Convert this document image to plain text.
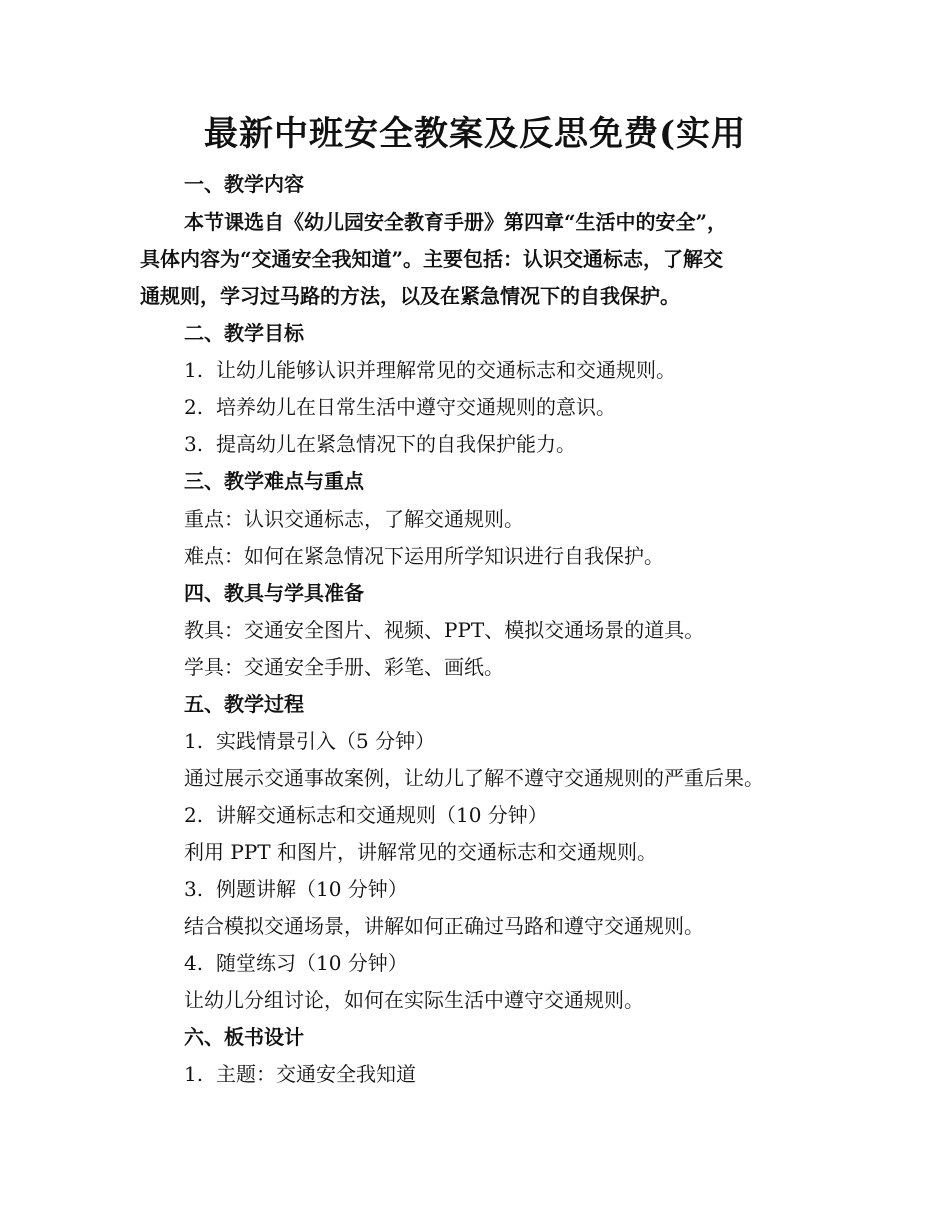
最新中班安全教案及反思免费(实用
一、教学内容
本节课选自《幼儿园安全教育手册》第四章“生活中的安全”，
具体内容为“交通安全我知道”。主要包括：认识交通标志，了解交
通规则，学习过马路的方法，以及在紧急情况下的自我保护。
二、教学目标
1. 让幼儿能够认识并理解常见的交通标志和交通规则。
2. 培养幼儿在日常生活中遵守交通规则的意识。
3. 提高幼儿在紧急情况下的自我保护能力。
三、教学难点与重点
重点：认识交通标志，了解交通规则。
难点：如何在紧急情况下运用所学知识进行自我保护。
四、教具与学具准备
教具：交通安全图片、视频、PPT、模拟交通场景的道具。
学具：交通安全手册、彩笔、画纸。
五、教学过程
1. 实践情景引入（5 分钟）
通过展示交通事故案例，让幼儿了解不遵守交通规则的严重后果。
2. 讲解交通标志和交通规则（10 分钟）
利用 PPT 和图片，讲解常见的交通标志和交通规则。
3. 例题讲解（10 分钟）
结合模拟交通场景，讲解如何正确过马路和遵守交通规则。
4. 随堂练习（10 分钟）
让幼儿分组讨论，如何在实际生活中遵守交通规则。
六、板书设计
1. 主题：交通安全我知道
